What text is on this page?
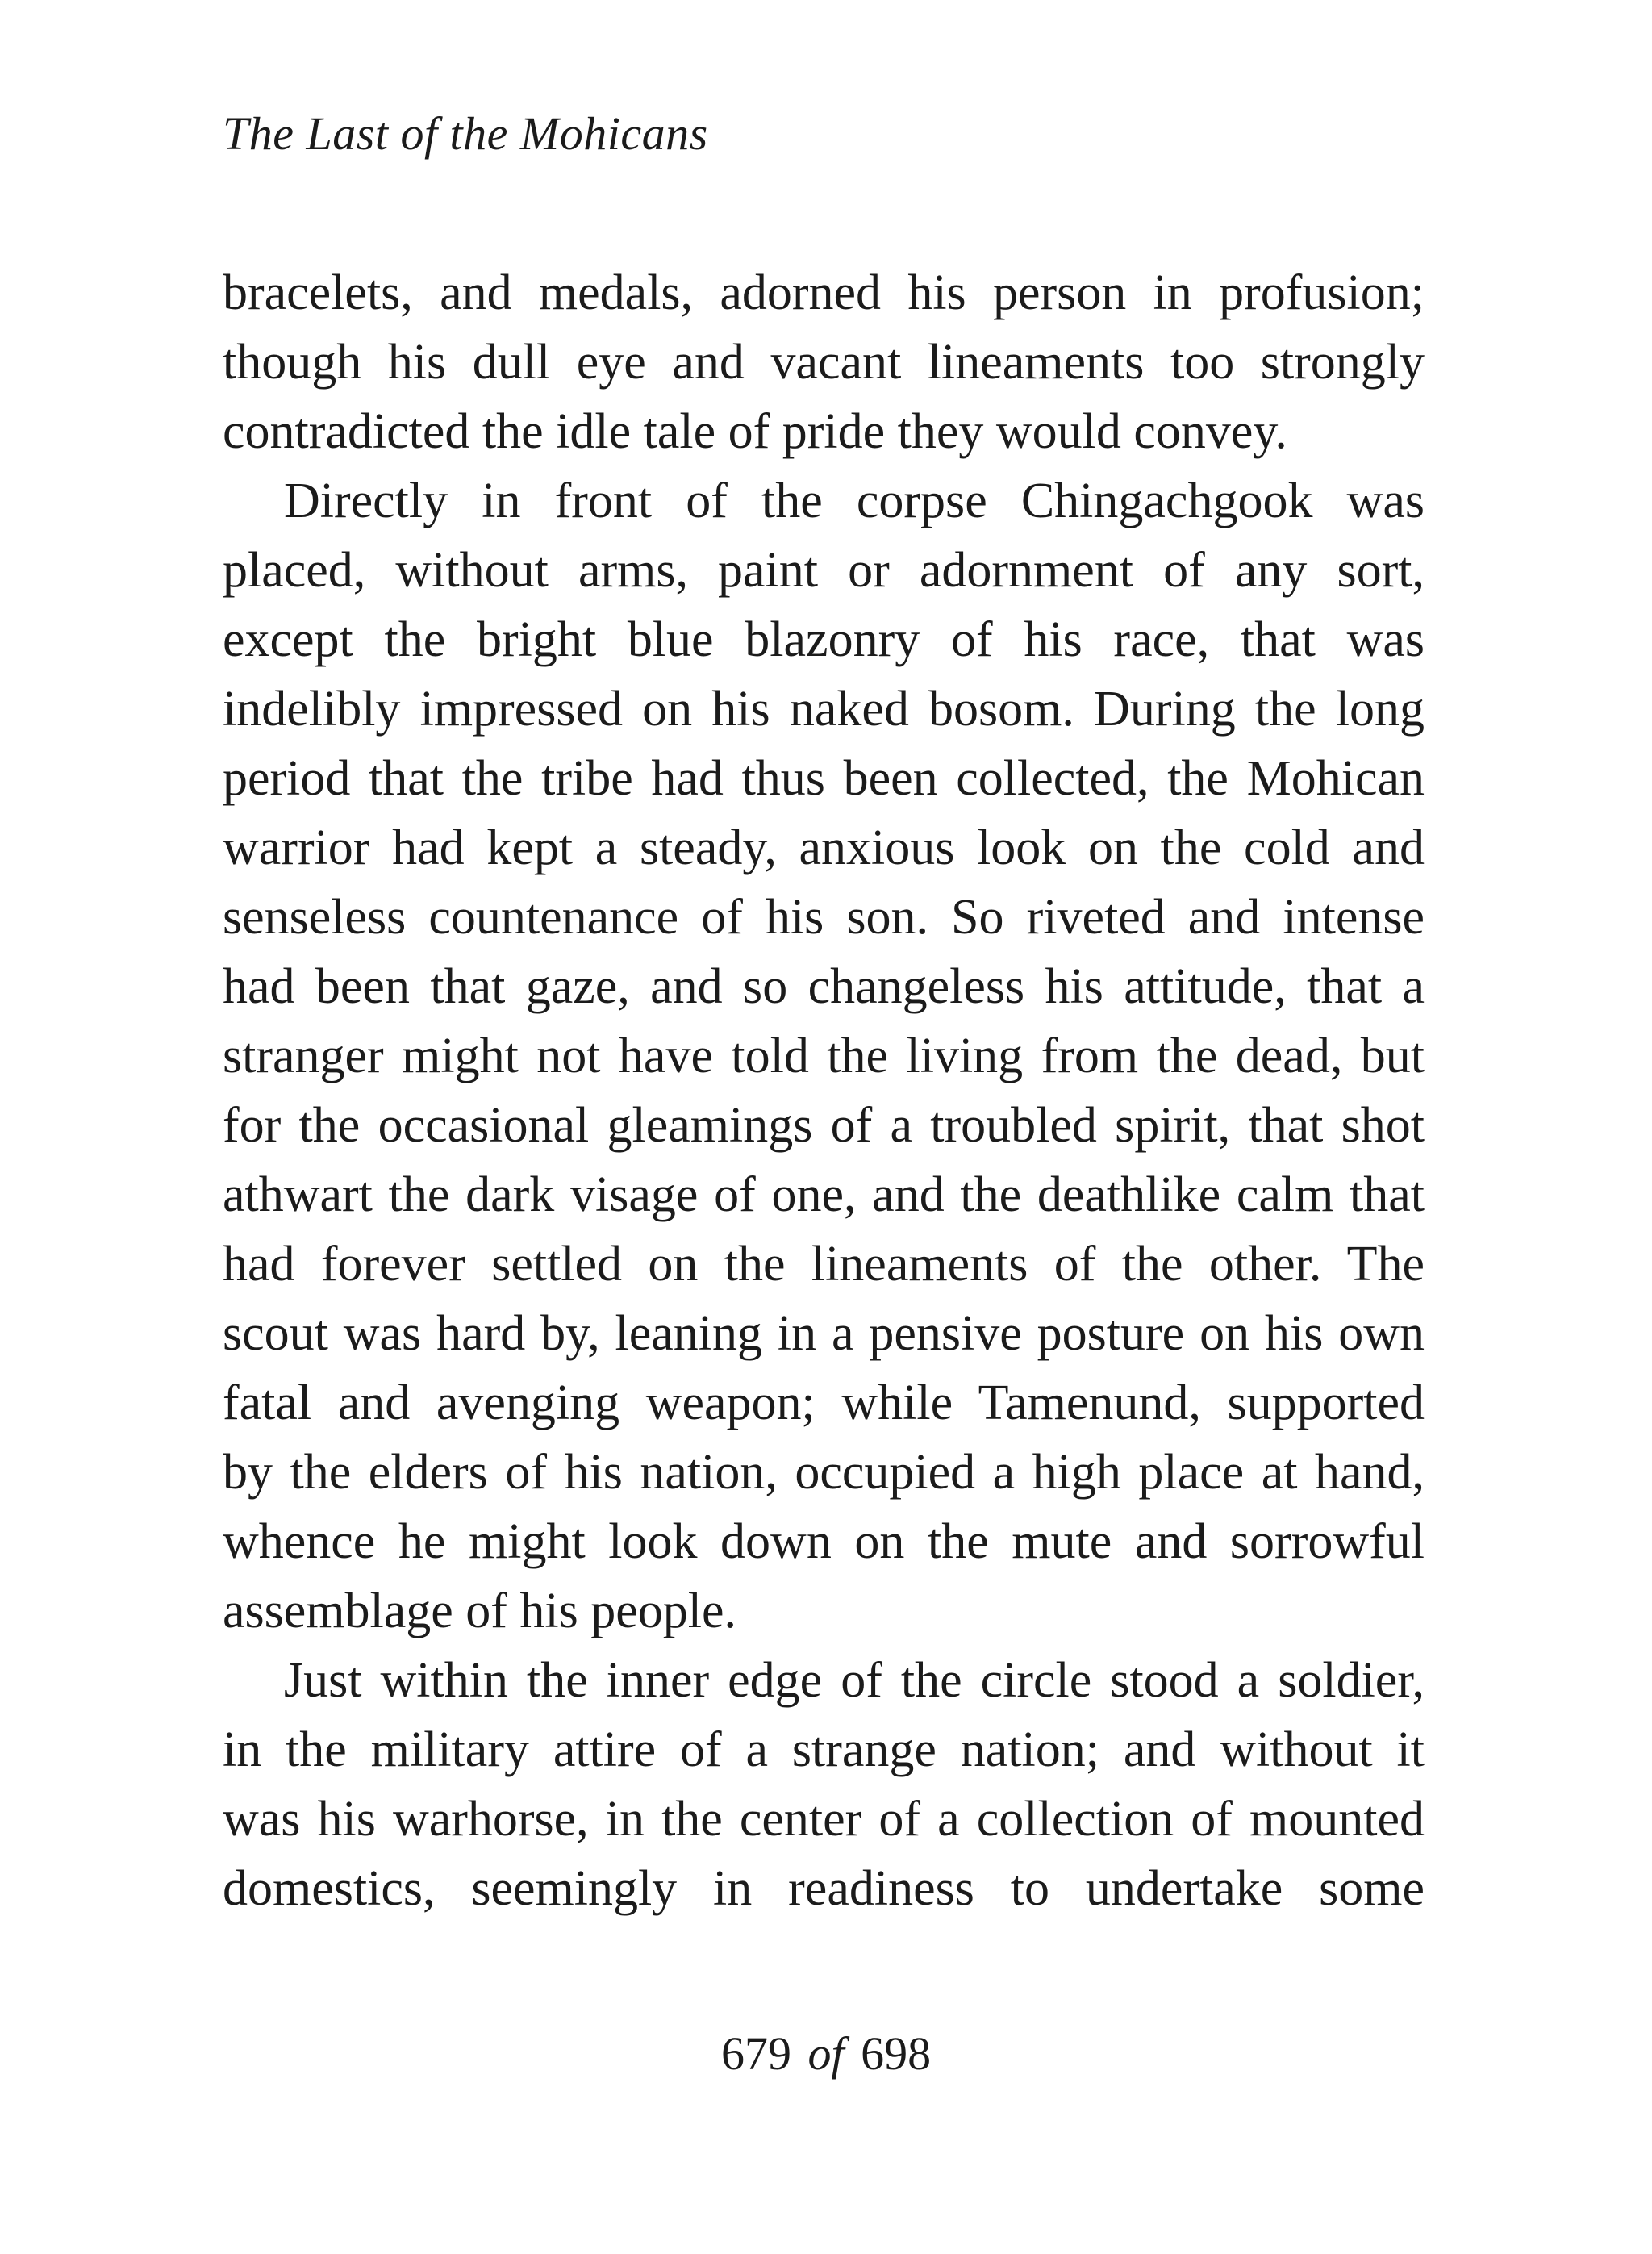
The Last of the Mohicans
bracelets, and medals, adorned his person in profusion;
though his dull eye and vacant lineaments too strongly
contradicted the idle tale of pride they would convey.
Directly in front of the corpse Chingachgook was
placed, without arms, paint or adornment of any sort,
except the bright blue blazonry of his race, that was
indelibly impressed on his naked bosom. During the long
period that the tribe had thus been collected, the Mohican
warrior had kept a steady, anxious look on the cold and
senseless countenance of his son. So riveted and intense
had been that gaze, and so changeless his attitude, that a
stranger might not have told the living from the dead, but
for the occasional gleamings of a troubled spirit, that shot
athwart the dark visage of one, and the deathlike calm that
had forever settled on the lineaments of the other. The
scout was hard by, leaning in a pensive posture on his own
fatal and avenging weapon; while Tamenund, supported
by the elders of his nation, occupied a high place at hand,
whence he might look down on the mute and sorrowful
assemblage of his people.
Just within the inner edge of the circle stood a soldier,
in the military attire of a strange nation; and without it
was his warhorse, in the center of a collection of mounted
domestics, seemingly in readiness to undertake some
679 of 698
